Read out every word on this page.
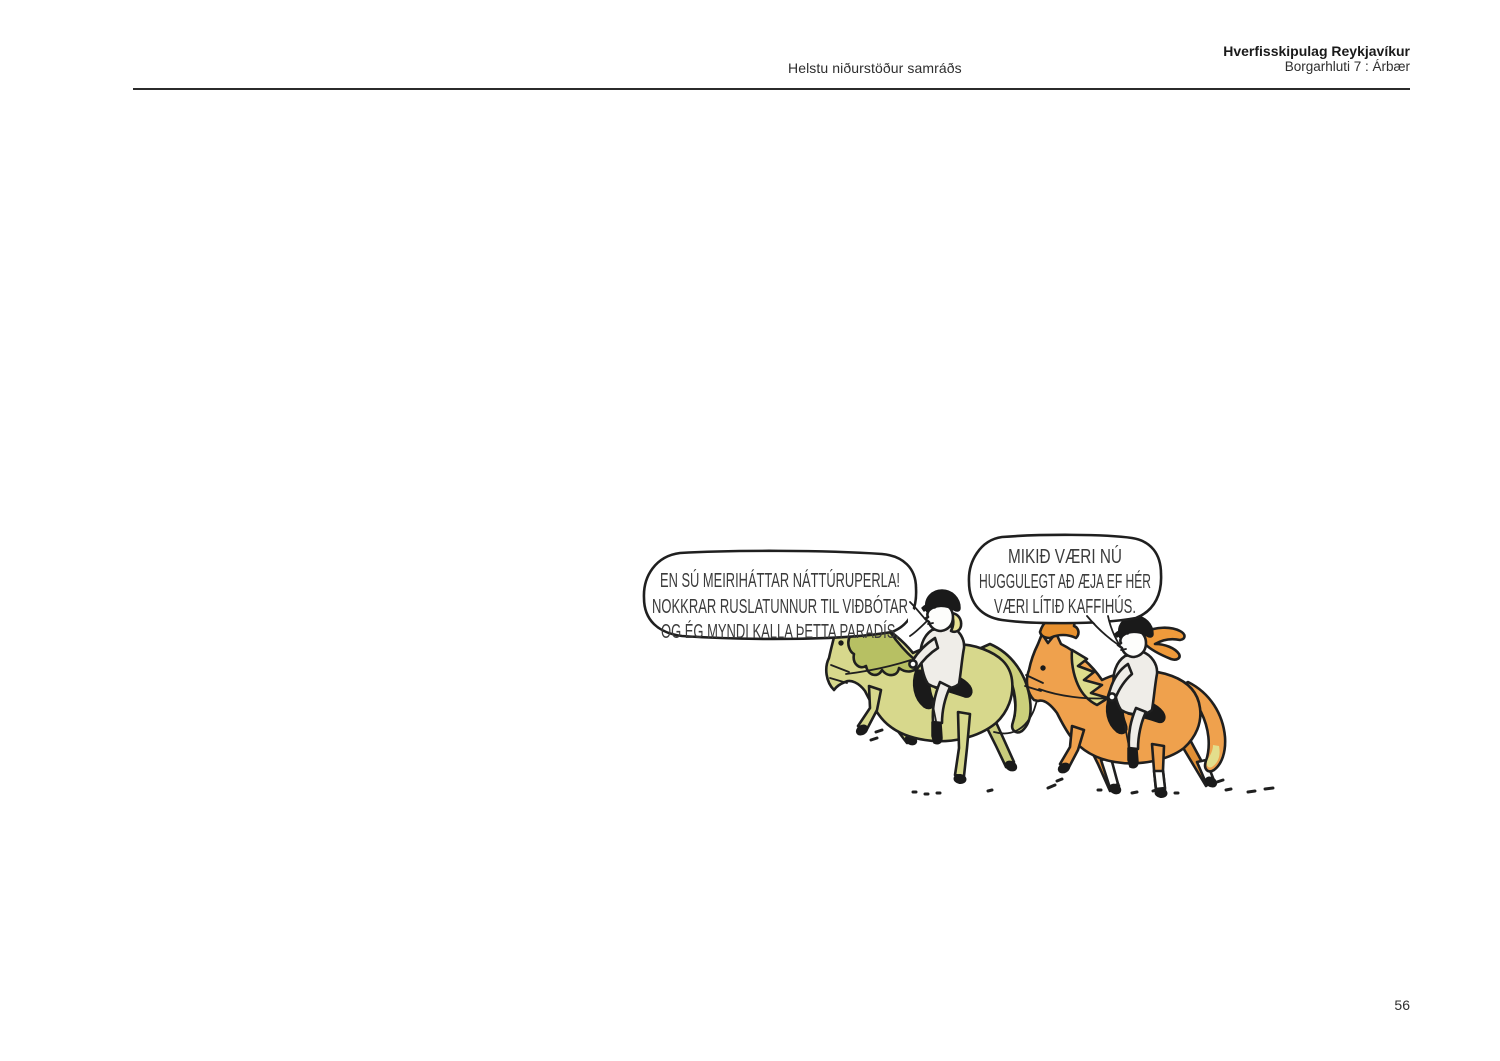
Helstu niðurstöður samráðs
Hverfisskipulag Reykjavíkur
Borgarhluti 7 : Árbær
EN SÚ MEIRIHÁTTAR NÁTTÚRUPERLA!
NOKKRAR RUSLATUNNUR TIL VIÐBÓTAR
OG ÉG MYNDI KALLA ÞETTA PARADÍS.
MIKIÐ VÆRI NÚ
HUGGULEGT AÐ ÆJA EF HÉR
VÆRI LÍTIÐ KAFFIHÚS.
56
